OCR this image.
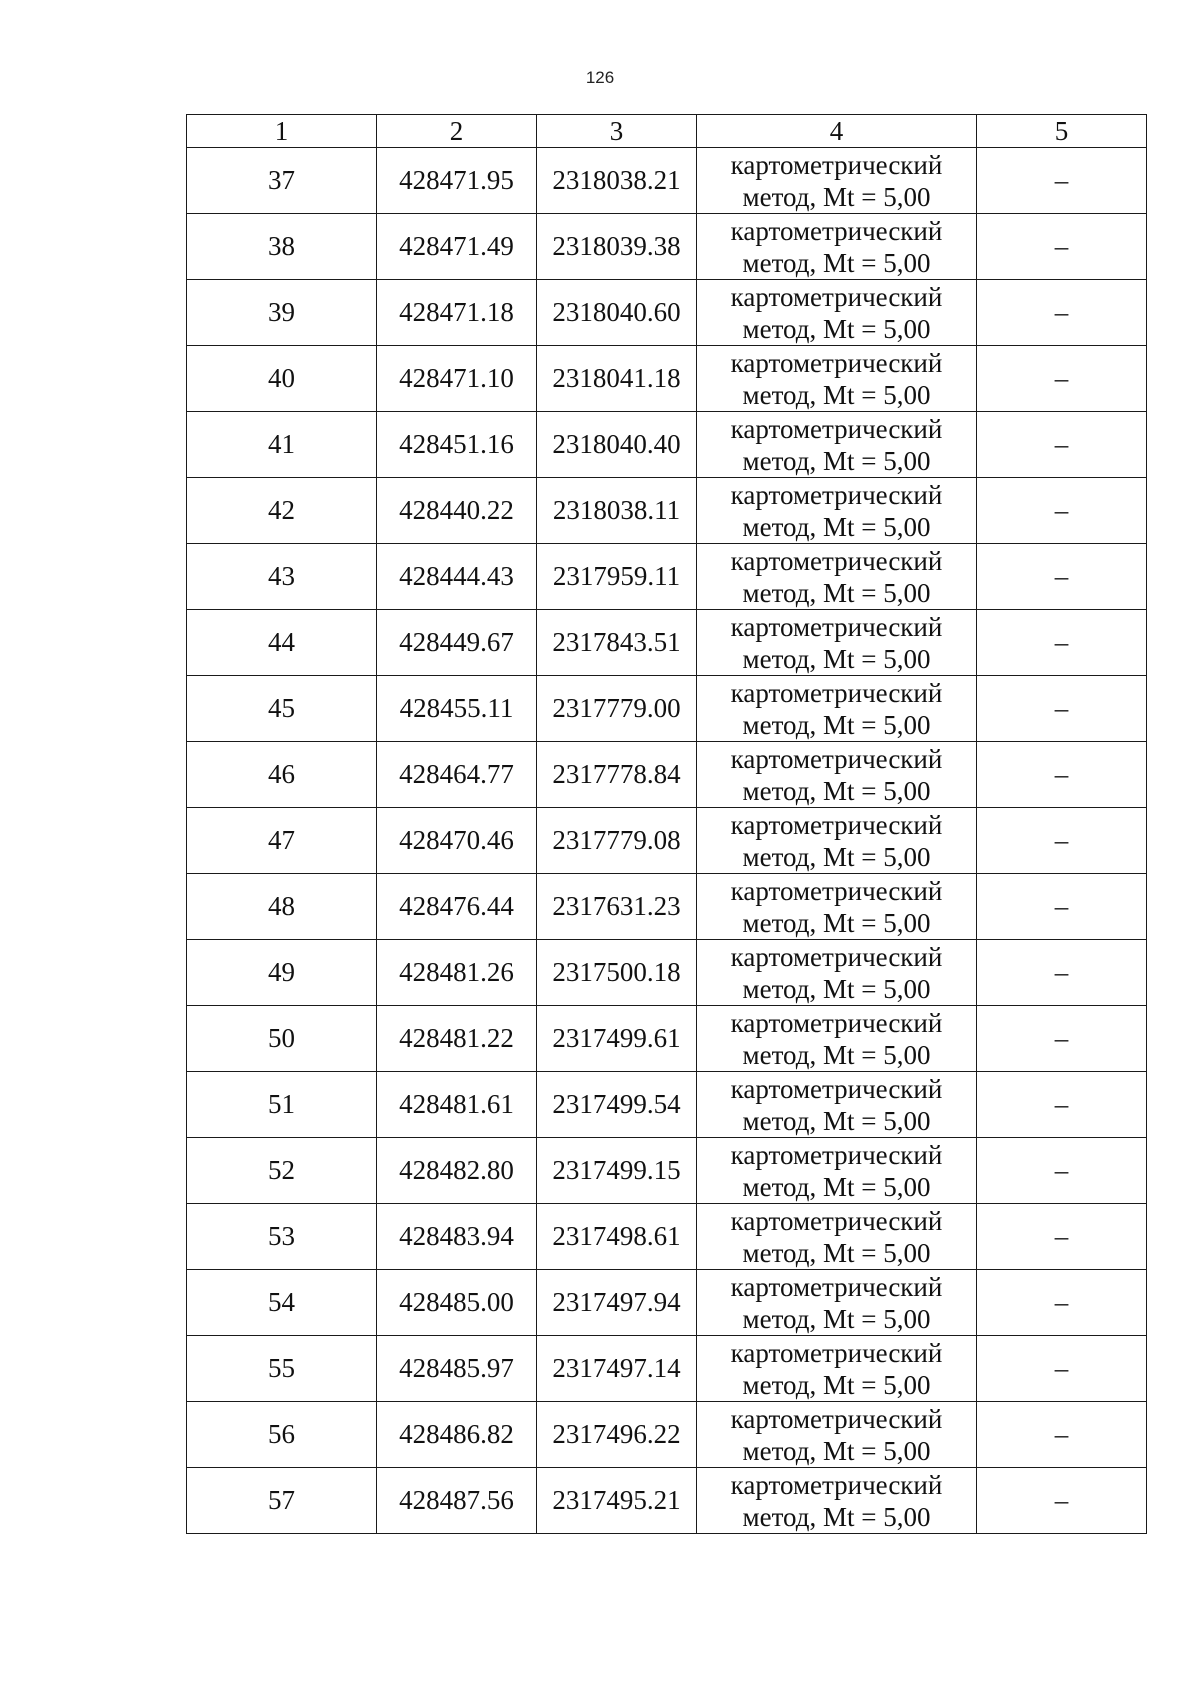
126
1	2	3	4	5
37	428471.95	2318038.21	картометрический
метод, Mt = 5,00	–
38	428471.49	2318039.38	картометрический
метод, Mt = 5,00	–
39	428471.18	2318040.60	картометрический
метод, Mt = 5,00	–
40	428471.10	2318041.18	картометрический
метод, Mt = 5,00	–
41	428451.16	2318040.40	картометрический
метод, Mt = 5,00	–
42	428440.22	2318038.11	картометрический
метод, Mt = 5,00	–
43	428444.43	2317959.11	картометрический
метод, Mt = 5,00	–
44	428449.67	2317843.51	картометрический
метод, Mt = 5,00	–
45	428455.11	2317779.00	картометрический
метод, Mt = 5,00	–
46	428464.77	2317778.84	картометрический
метод, Mt = 5,00	–
47	428470.46	2317779.08	картометрический
метод, Mt = 5,00	–
48	428476.44	2317631.23	картометрический
метод, Mt = 5,00	–
49	428481.26	2317500.18	картометрический
метод, Mt = 5,00	–
50	428481.22	2317499.61	картометрический
метод, Mt = 5,00	–
51	428481.61	2317499.54	картометрический
метод, Mt = 5,00	–
52	428482.80	2317499.15	картометрический
метод, Mt = 5,00	–
53	428483.94	2317498.61	картометрический
метод, Mt = 5,00	–
54	428485.00	2317497.94	картометрический
метод, Mt = 5,00	–
55	428485.97	2317497.14	картометрический
метод, Mt = 5,00	–
56	428486.82	2317496.22	картометрический
метод, Mt = 5,00	–
57	428487.56	2317495.21	картометрический
метод, Mt = 5,00	–
